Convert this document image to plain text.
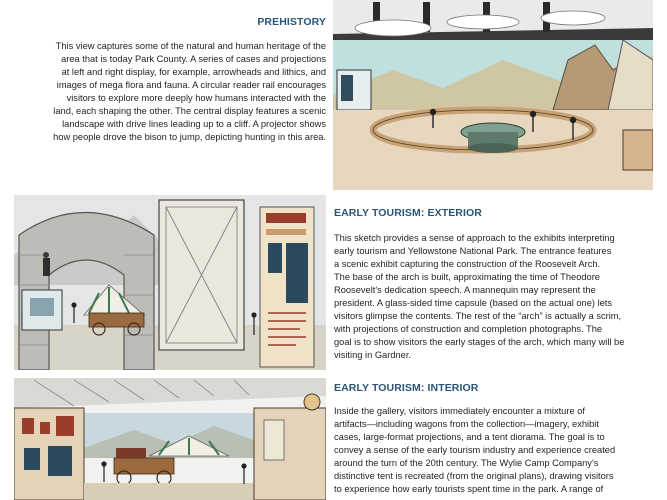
PREHISTORY

This view captures some of the natural and human heritage of the
area that is today Park County. A series of cases and projections
at left and right display, for example, arrowheads and lithics, and
images of mega flora and fauna. A circular reader rail encourages
visitors to explore more deeply how humans interacted with the
land, each shaping the other. The central display features a scenic
landscape with drive lines leading up to a cliff. A projector shows
how people drove the bison to jump, depicting hunting in this area.

EARLY TOURISM: EXTERIOR

This sketch provides a sense of approach to the exhibits interpreting
early tourism and Yellowstone National Park. The entrance features
a scenic exhibit capturing the construction of the Roosevelt Arch.
The base of the arch is built, approximating the time of Theodore
Roosevelt's dedication speech. A mannequin may represent the
president. A glass-sided time capsule (based on the actual one) lets
visitors glimpse the contents. The rest of the “arch” is actually a scrim,
with projections of construction and completion photographs. The
goal is to show visitors the early stages of the arch, which many will be
visiting in Gardner.

EARLY TOURISM: INTERIOR

Inside the gallery, visitors immediately encounter a mixture of
artifacts—including wagons from the collection—imagery, exhibit
cases, large-format projections, and a tent diorama. The goal is to
convey a sense of the early tourism industry and experience created
around the turn of the 20th century. The Wylie Camp Company's
distinctive tent is recreated (from the original plans), drawing visitors
to experience how early tourists spent time in the park. A range of
